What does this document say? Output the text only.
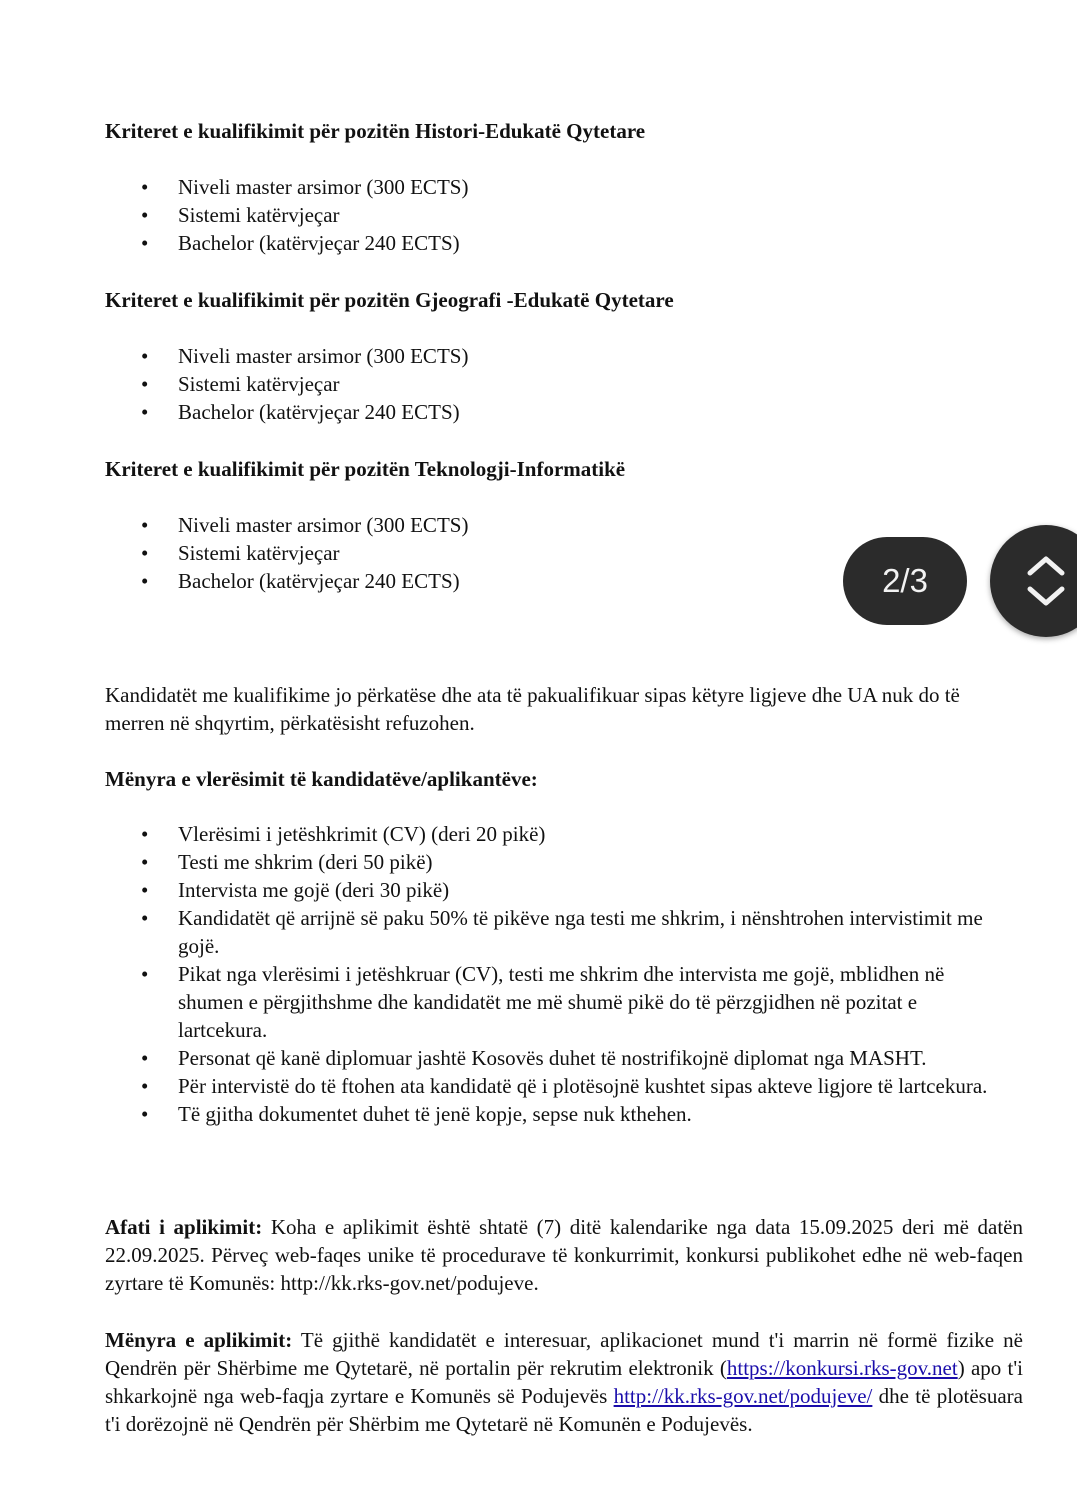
Kriteret e kualifikimit për pozitën Histori-Edukatë Qytetare
• Niveli master arsimor (300 ECTS)
• Sistemi katërvjeçar
• Bachelor (katërvjeçar 240 ECTS)
Kriteret e kualifikimit për pozitën Gjeografi -Edukatë Qytetare
• Niveli master arsimor (300 ECTS)
• Sistemi katërvjeçar
• Bachelor (katërvjeçar 240 ECTS)
Kriteret e kualifikimit për pozitën Teknologji-Informatikë
• Niveli master arsimor (300 ECTS)
• Sistemi katërvjeçar
• Bachelor (katërvjeçar 240 ECTS)
Kandidatët me kualifikime jo përkatëse dhe ata të pakualifikuar sipas këtyre ligjeve dhe UA nuk do të merren në shqyrtim, përkatësisht refuzohen.
Mënyra e vlerësimit të kandidatëve/aplikantëve:
• Vlerësimi i jetëshkrimit (CV) (deri 20 pikë)
• Testi me shkrim (deri 50 pikë)
• Intervista me gojë (deri 30 pikë)
• Kandidatët që arrijnë së paku 50% të pikëve nga testi me shkrim, i nënshtrohen intervistimit me gojë.
• Pikat nga vlerësimi i jetëshkruar (CV), testi me shkrim dhe intervista me gojë, mblidhen në shumen e përgjithshme dhe kandidatët me më shumë pikë do të përzgjidhen në pozitat e lartcekura.
• Personat që kanë diplomuar jashtë Kosovës duhet të nostrifikojnë diplomat nga MASHT.
• Për intervistë do të ftohen ata kandidatë që i plotësojnë kushtet sipas akteve ligjore të lartcekura.
• Të gjitha dokumentet duhet të jenë kopje, sepse nuk kthehen.
Afati i aplikimit: Koha e aplikimit është shtatë (7) ditë kalendarike nga data 15.09.2025 deri më datën 22.09.2025. Përveç web-faqes unike të procedurave të konkurrimit, konkursi publikohet edhe në web-faqen zyrtare të Komunës: http://kk.rks-gov.net/podujeve.
Mënyra e aplikimit: Të gjithë kandidatët e interesuar, aplikacionet mund t'i marrin në formë fizike në Qendrën për Shërbime me Qytetarë, në portalin për rekrutim elektronik (https://konkursi.rks-gov.net) apo t'i shkarkojnë nga web-faqja zyrtare e Komunës së Podujevës http://kk.rks-gov.net/podujeve/ dhe të plotësuara t'i dorëzojnë në Qendrën për Shërbim me Qytetarë në Komunën e Podujevës.
2/3
